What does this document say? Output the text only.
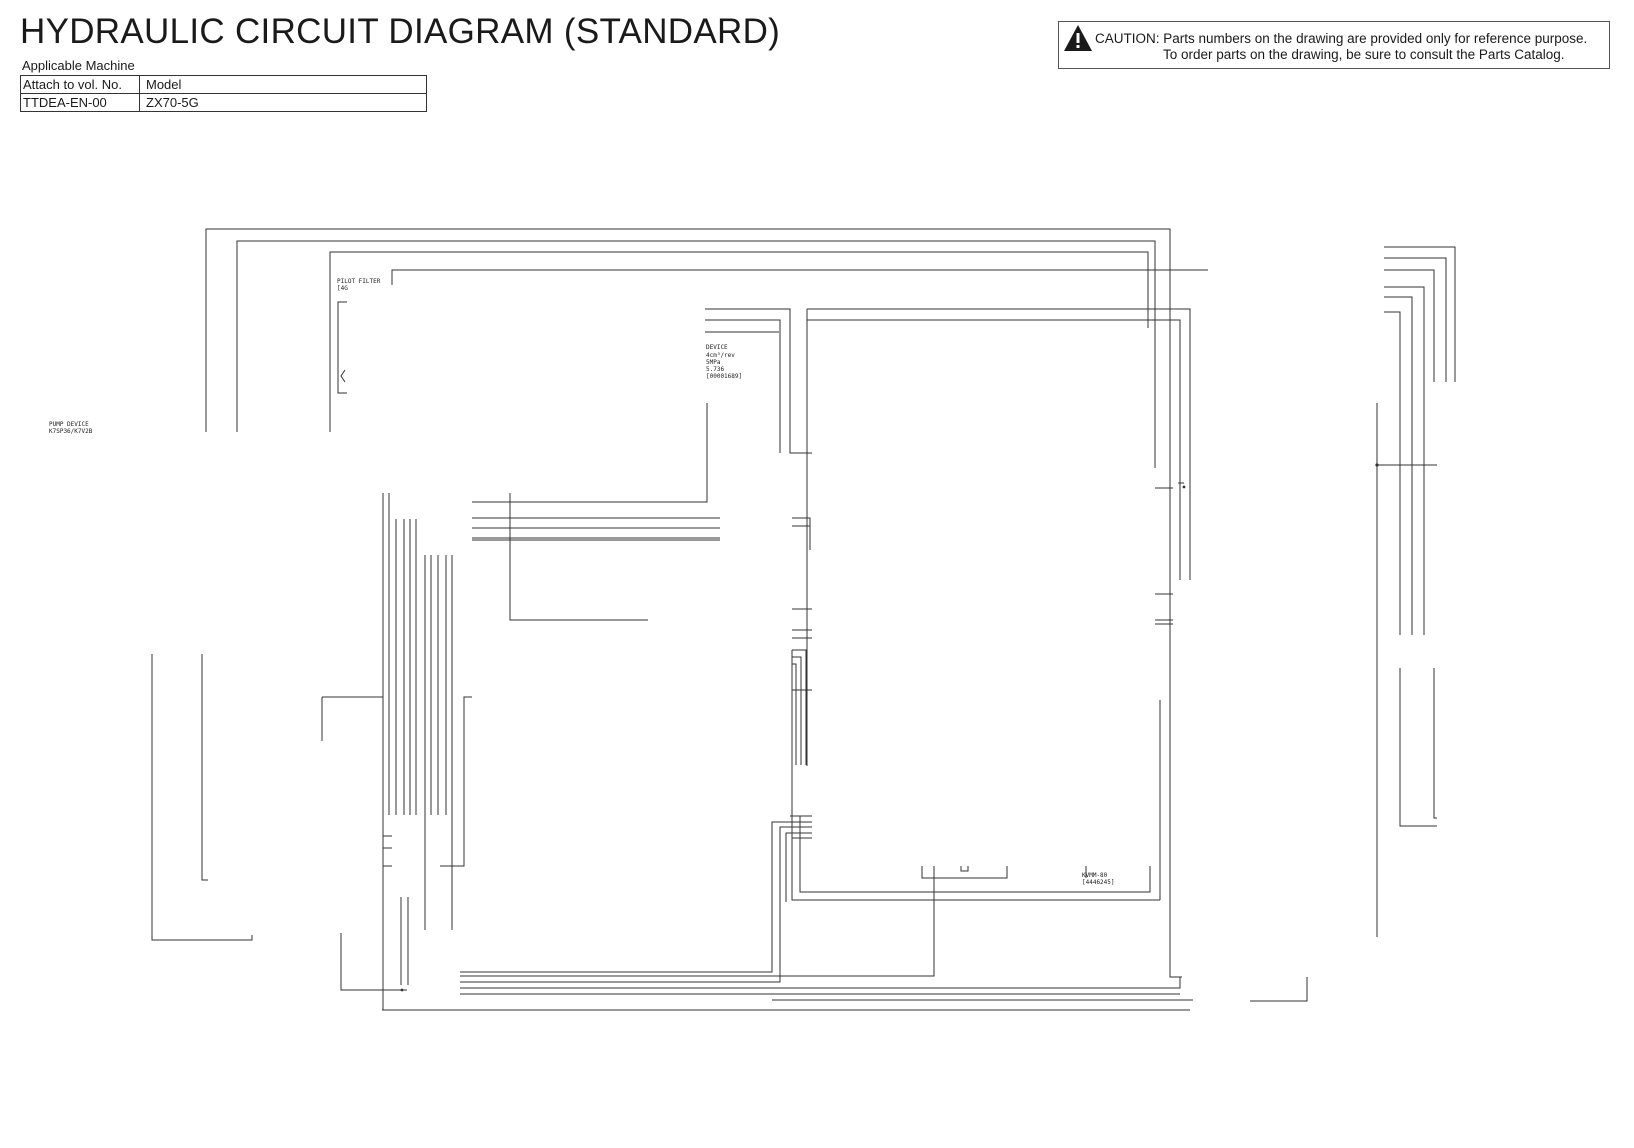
HYDRAULIC CIRCUIT DIAGRAM (STANDARD)
Applicable Machine
Attach to vol. No.	Model
TTDEA-EN-00	ZX70-5G
CAUTION: Parts numbers on the drawing are provided only for reference purpose.
To order parts on the drawing, be sure to consult the Parts Catalog.
PILOT FILTER
[4G
PUMP DEVICE
K7SP36/K7V2B
DEVICE
4cm³/rev
5MPa
5.736
[00001689]
KVMM-80
[4446245]
